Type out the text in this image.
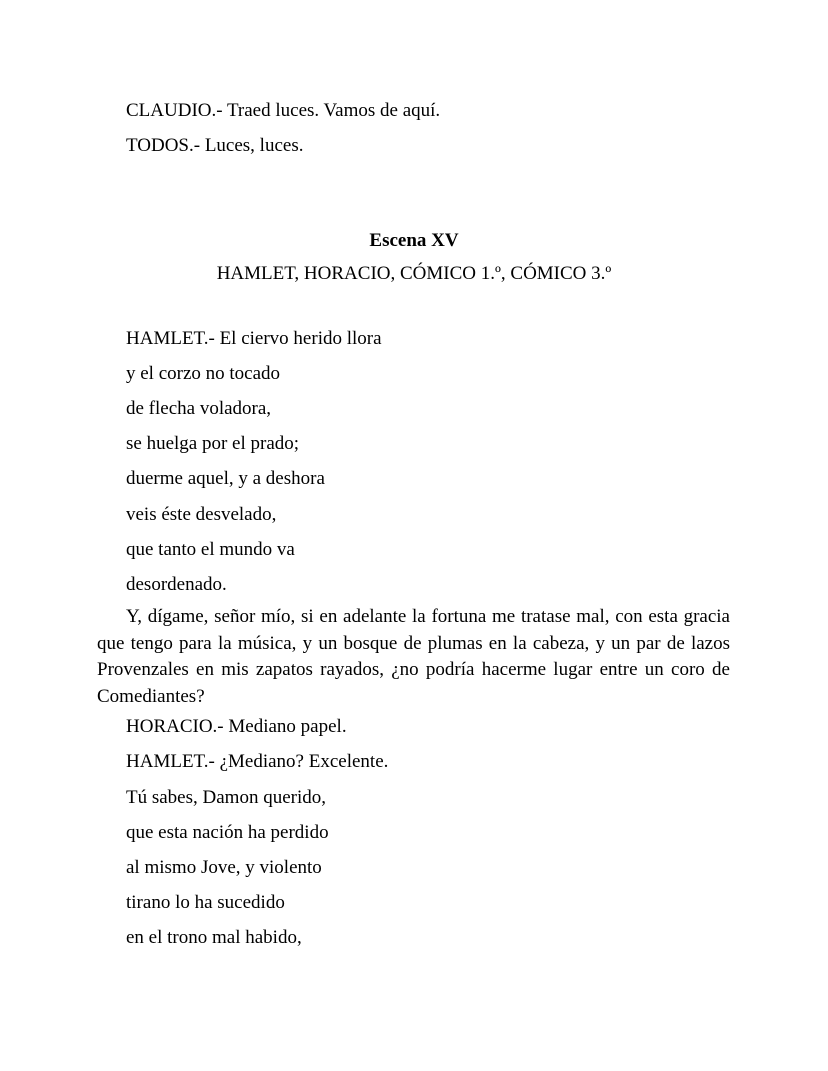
CLAUDIO.- Traed luces. Vamos de aquí.
TODOS.- Luces, luces.
Escena XV
HAMLET, HORACIO, CÓMICO 1.º, CÓMICO 3.º
HAMLET.- El ciervo herido llora
y el corzo no tocado
de flecha voladora,
se huelga por el prado;
duerme aquel, y a deshora
veis éste desvelado,
que tanto el mundo va
desordenado.
Y, dígame, señor mío, si en adelante la fortuna me tratase mal, con esta gracia que tengo para la música, y un bosque de plumas en la cabeza, y un par de lazos Provenzales en mis zapatos rayados, ¿no podría hacerme lugar entre un coro de Comediantes?
HORACIO.- Mediano papel.
HAMLET.- ¿Mediano? Excelente.
Tú sabes, Damon querido,
que esta nación ha perdido
al mismo Jove, y violento
tirano lo ha sucedido
en el trono mal habido,
